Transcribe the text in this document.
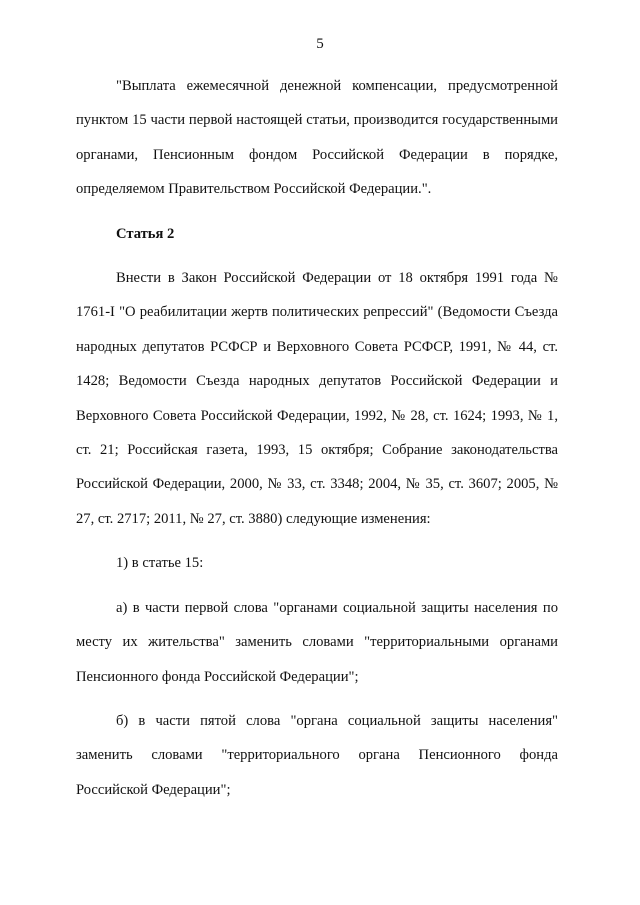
5

"Выплата ежемесячной денежной компенсации, предусмотренной пунктом 15 части первой настоящей статьи, производится государственными органами, Пенсионным фондом Российской Федерации в порядке, определяемом Правительством Российской Федерации.".

Статья 2

Внести в Закон Российской Федерации от 18 октября 1991 года № 1761-I "О реабилитации жертв политических репрессий" (Ведомости Съезда народных депутатов РСФСР и Верховного Совета РСФСР, 1991, № 44, ст. 1428; Ведомости Съезда народных депутатов Российской Федерации и Верховного Совета Российской Федерации, 1992, № 28, ст. 1624; 1993, № 1, ст. 21; Российская газета, 1993, 15 октября; Собрание законодательства Российской Федерации, 2000, № 33, ст. 3348; 2004, № 35, ст. 3607; 2005, № 27, ст. 2717; 2011, № 27, ст. 3880) следующие изменения:

1) в статье 15:

а) в части первой слова "органами социальной защиты населения по месту их жительства" заменить словами "территориальными органами Пенсионного фонда Российской Федерации";

б) в части пятой слова "органа социальной защиты населения" заменить словами "территориального органа Пенсионного фонда Российской Федерации";
